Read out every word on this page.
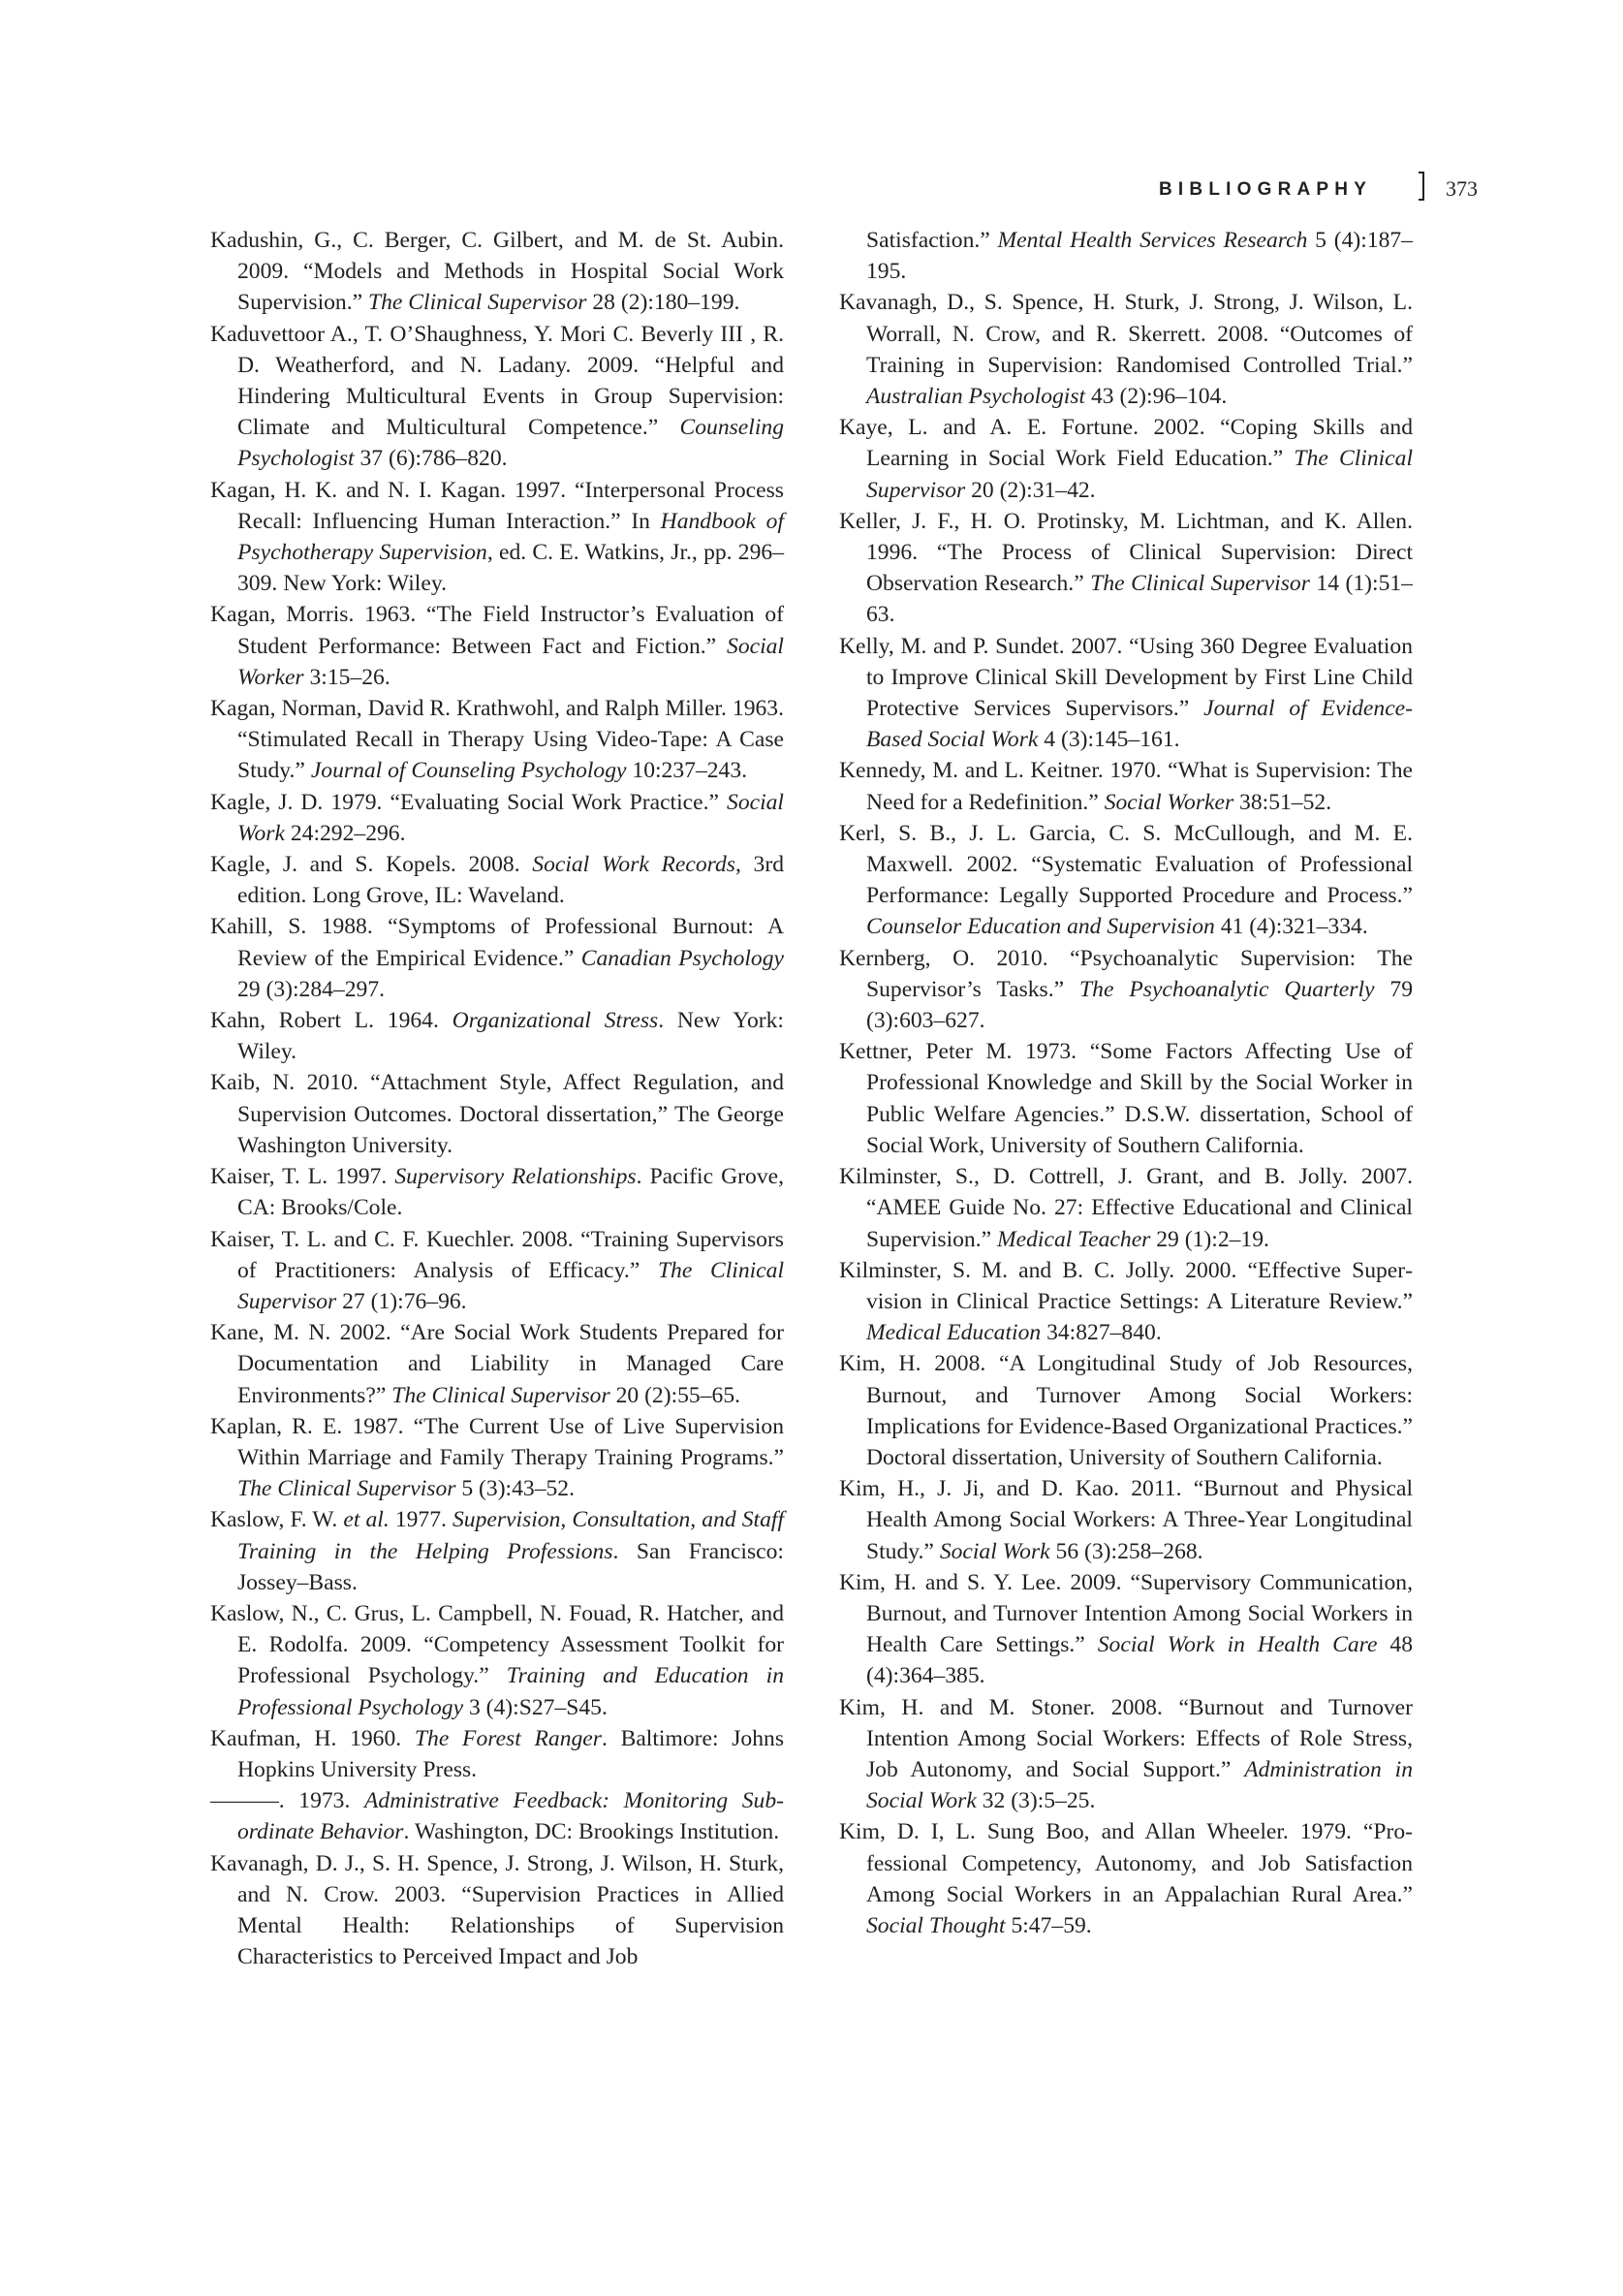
BIBLIOGRAPHY	373

Kadushin, G., C. Berger, C. Gilbert, and M. de St. Aubin. 2009. “Models and Methods in Hospital Social Work Supervision.” The Clinical Supervisor 28 (2):180–199.

Kaduvettoor A., T. O’Shaughness, Y. Mori C. Beverly III , R. D. Weatherford, and N. Ladany. 2009. “Helpful and Hindering Multicultural Events in Group Supervision: Climate and Multicultural Competence.” Counseling Psychologist 37 (6):786–820.

Kagan, H. K. and N. I. Kagan. 1997. “Interpersonal Process Recall: Influencing Human Interaction.” In Handbook of Psychotherapy Supervision, ed. C. E. Watkins, Jr., pp. 296–309. New York: Wiley.

Kagan, Morris. 1963. “The Field Instructor’s Evaluation of Student Performance: Between Fact and Fiction.” Social Worker 3:15–26.

Kagan, Norman, David R. Krathwohl, and Ralph Miller. 1963. “Stimulated Recall in Therapy Using Video-Tape: A Case Study.” Journal of Counseling Psychology 10:237–243.

Kagle, J. D. 1979. “Evaluating Social Work Practice.” Social Work 24:292–296.

Kagle, J. and S. Kopels. 2008. Social Work Records, 3rd edition. Long Grove, IL: Waveland.

Kahill, S. 1988. “Symptoms of Professional Burnout: A Review of the Empirical Evidence.” Canadian Psychology 29 (3):284–297.

Kahn, Robert L. 1964. Organizational Stress. New York: Wiley.

Kaib, N. 2010. “Attachment Style, Affect Regulation, and Supervision Outcomes. Doctoral dissertation,” The George Washington University.

Kaiser, T. L. 1997. Supervisory Relationships. Pacific Grove, CA: Brooks/Cole.

Kaiser, T. L. and C. F. Kuechler. 2008. “Training Supervisors of Practitioners: Analysis of Efficacy.” The Clinical Supervisor 27 (1):76–96.

Kane, M. N. 2002. “Are Social Work Students Prepared for Documentation and Liability in Managed Care Environments?” The Clinical Supervisor 20 (2):55–65.

Kaplan, R. E. 1987. “The Current Use of Live Supervision Within Marriage and Family Therapy Training Programs.” The Clinical Supervisor 5 (3):43–52.

Kaslow, F. W. et al. 1977. Supervision, Consultation, and Staff Training in the Helping Professions. San Francisco: Jossey–Bass.

Kaslow, N., C. Grus, L. Campbell, N. Fouad, R. Hatcher, and E. Rodolfa. 2009. “Competency Assessment Toolkit for Professional Psychology.” Training and Education in Professional Psychology 3 (4):S27–S45.

Kaufman, H. 1960. The Forest Ranger. Baltimore: Johns Hopkins University Press.

———. 1973. Administrative Feedback: Monitoring Subordinate Behavior. Washington, DC: Brookings Institution.

Kavanagh, D. J., S. H. Spence, J. Strong, J. Wilson, H. Sturk, and N. Crow. 2003. “Supervision Practices in Allied Mental Health: Relationships of Supervision Characteristics to Perceived Impact and Job

Satisfaction.” Mental Health Services Research 5 (4):187–195.

Kavanagh, D., S. Spence, H. Sturk, J. Strong, J. Wilson, L. Worrall, N. Crow, and R. Skerrett. 2008. “Outcomes of Training in Supervision: Randomised Controlled Trial.” Australian Psychologist 43 (2):96–104.

Kaye, L. and A. E. Fortune. 2002. “Coping Skills and Learning in Social Work Field Education.” The Clinical Supervisor 20 (2):31–42.

Keller, J. F., H. O. Protinsky, M. Lichtman, and K. Allen. 1996. “The Process of Clinical Supervision: Direct Observation Research.” The Clinical Supervisor 14 (1):51–63.

Kelly, M. and P. Sundet. 2007. “Using 360 Degree Evaluation to Improve Clinical Skill Development by First Line Child Protective Services Supervisors.” Journal of Evidence-Based Social Work 4 (3):145–161.

Kennedy, M. and L. Keitner. 1970. “What is Supervision: The Need for a Redefinition.” Social Worker 38:51–52.

Kerl, S. B., J. L. Garcia, C. S. McCullough, and M. E. Maxwell. 2002. “Systematic Evaluation of Professional Performance: Legally Supported Procedure and Process.” Counselor Education and Supervision 41 (4):321–334.

Kernberg, O. 2010. “Psychoanalytic Supervision: The Supervisor’s Tasks.” The Psychoanalytic Quarterly 79 (3):603–627.

Kettner, Peter M. 1973. “Some Factors Affecting Use of Professional Knowledge and Skill by the Social Worker in Public Welfare Agencies.” D.S.W. dissertation, School of Social Work, University of Southern California.

Kilminster, S., D. Cottrell, J. Grant, and B. Jolly. 2007. “AMEE Guide No. 27: Effective Educational and Clinical Supervision.” Medical Teacher 29 (1):2–19.

Kilminster, S. M. and B. C. Jolly. 2000. “Effective Supervision in Clinical Practice Settings: A Literature Review.” Medical Education 34:827–840.

Kim, H. 2008. “A Longitudinal Study of Job Resources, Burnout, and Turnover Among Social Workers: Implications for Evidence-Based Organizational Practices.” Doctoral dissertation, University of Southern California.

Kim, H., J. Ji, and D. Kao. 2011. “Burnout and Physical Health Among Social Workers: A Three-Year Longitudinal Study.” Social Work 56 (3):258–268.

Kim, H. and S. Y. Lee. 2009. “Supervisory Communication, Burnout, and Turnover Intention Among Social Workers in Health Care Settings.” Social Work in Health Care 48 (4):364–385.

Kim, H. and M. Stoner. 2008. “Burnout and Turnover Intention Among Social Workers: Effects of Role Stress, Job Autonomy, and Social Support.” Administration in Social Work 32 (3):5–25.

Kim, D. I, L. Sung Boo, and Allan Wheeler. 1979. “Professional Competency, Autonomy, and Job Satisfaction Among Social Workers in an Appalachian Rural Area.” Social Thought 5:47–59.
